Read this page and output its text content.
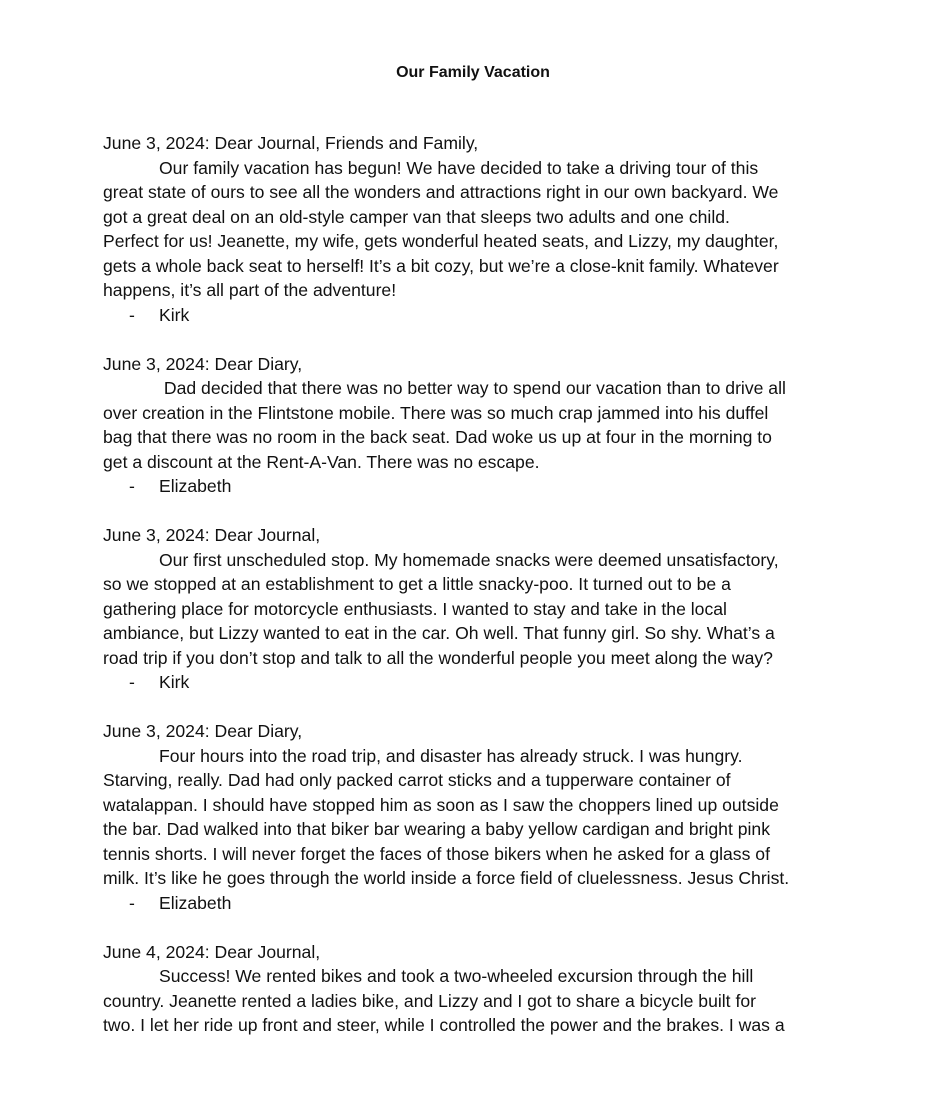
Our Family Vacation
June 3, 2024: Dear Journal, Friends and Family,

Our family vacation has begun! We have decided to take a driving tour of this
great state of ours to see all the wonders and attractions right in our own backyard. We
got a great deal on an old-style camper van that sleeps two adults and one child.
Perfect for us! Jeanette, my wife, gets wonderful heated seats, and Lizzy, my daughter,
gets a whole back seat to herself! It’s a bit cozy, but we’re a close-knit family. Whatever
happens, it’s all part of the adventure!

- Kirk
June 3, 2024: Dear Diary,

Dad decided that there was no better way to spend our vacation than to drive all
over creation in the Flintstone mobile. There was so much crap jammed into his duffel
bag that there was no room in the back seat. Dad woke us up at four in the morning to
get a discount at the Rent-A-Van. There was no escape.

- Elizabeth
June 3, 2024: Dear Journal,

Our first unscheduled stop. My homemade snacks were deemed unsatisfactory,
so we stopped at an establishment to get a little snacky-poo. It turned out to be a
gathering place for motorcycle enthusiasts. I wanted to stay and take in the local
ambiance, but Lizzy wanted to eat in the car. Oh well. That funny girl. So shy. What’s a
road trip if you don’t stop and talk to all the wonderful people you meet along the way?

- Kirk
June 3, 2024: Dear Diary,

Four hours into the road trip, and disaster has already struck. I was hungry.
Starving, really. Dad had only packed carrot sticks and a tupperware container of
watalappan. I should have stopped him as soon as I saw the choppers lined up outside
the bar. Dad walked into that biker bar wearing a baby yellow cardigan and bright pink
tennis shorts. I will never forget the faces of those bikers when he asked for a glass of
milk. It’s like he goes through the world inside a force field of cluelessness. Jesus Christ.

- Elizabeth
June 4, 2024: Dear Journal,

Success! We rented bikes and took a two-wheeled excursion through the hill
country. Jeanette rented a ladies bike, and Lizzy and I got to share a bicycle built for
two. I let her ride up front and steer, while I controlled the power and the brakes. I was a
